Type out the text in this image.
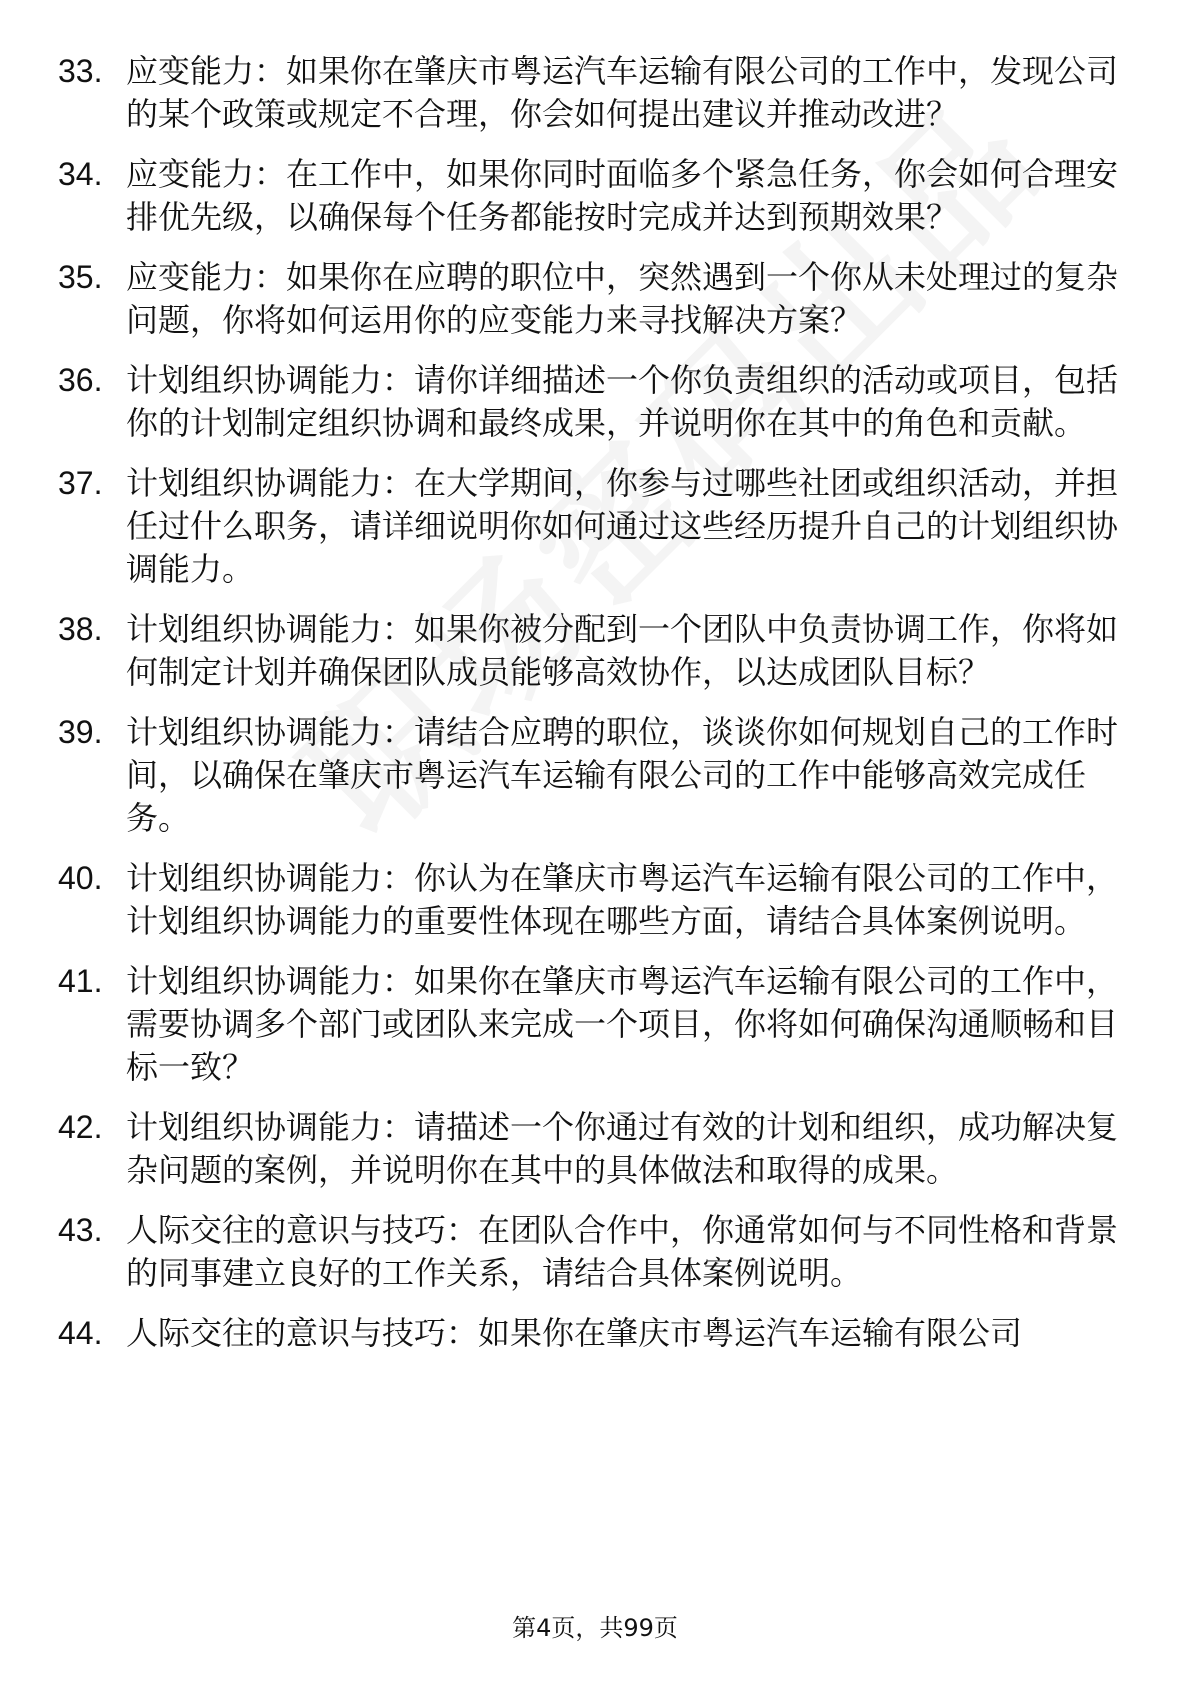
33. 应变能力：如果你在肇庆市粤运汽车运输有限公司的工作中，发现公司的某个政策或规定不合理，你会如何提出建议并推动改进？
34. 应变能力：在工作中，如果你同时面临多个紧急任务，你会如何合理安排优先级，以确保每个任务都能按时完成并达到预期效果？
35. 应变能力：如果你在应聘的职位中，突然遇到一个你从未处理过的复杂问题，你将如何运用你的应变能力来寻找解决方案？
36. 计划组织协调能力：请你详细描述一个你负责组织的活动或项目，包括你的计划制定组织协调和最终成果，并说明你在其中的角色和贡献。
37. 计划组织协调能力：在大学期间，你参与过哪些社团或组织活动，并担任过什么职务，请详细说明你如何通过这些经历提升自己的计划组织协调能力。
38. 计划组织协调能力：如果你被分配到一个团队中负责协调工作，你将如何制定计划并确保团队成员能够高效协作，以达成团队目标？
39. 计划组织协调能力：请结合应聘的职位，谈谈你如何规划自己的工作时间，以确保在肇庆市粤运汽车运输有限公司的工作中能够高效完成任务。
40. 计划组织协调能力：你认为在肇庆市粤运汽车运输有限公司的工作中，计划组织协调能力的重要性体现在哪些方面，请结合具体案例说明。
41. 计划组织协调能力：如果你在肇庆市粤运汽车运输有限公司的工作中，需要协调多个部门或团队来完成一个项目，你将如何确保沟通顺畅和目标一致？
42. 计划组织协调能力：请描述一个你通过有效的计划和组织，成功解决复杂问题的案例，并说明你在其中的具体做法和取得的成果。
43. 人际交往的意识与技巧：在团队合作中，你通常如何与不同性格和背景的同事建立良好的工作关系，请结合具体案例说明。
44. 人际交往的意识与技巧：如果你在肇庆市粤运汽车运输有限公司
第4页，共99页
